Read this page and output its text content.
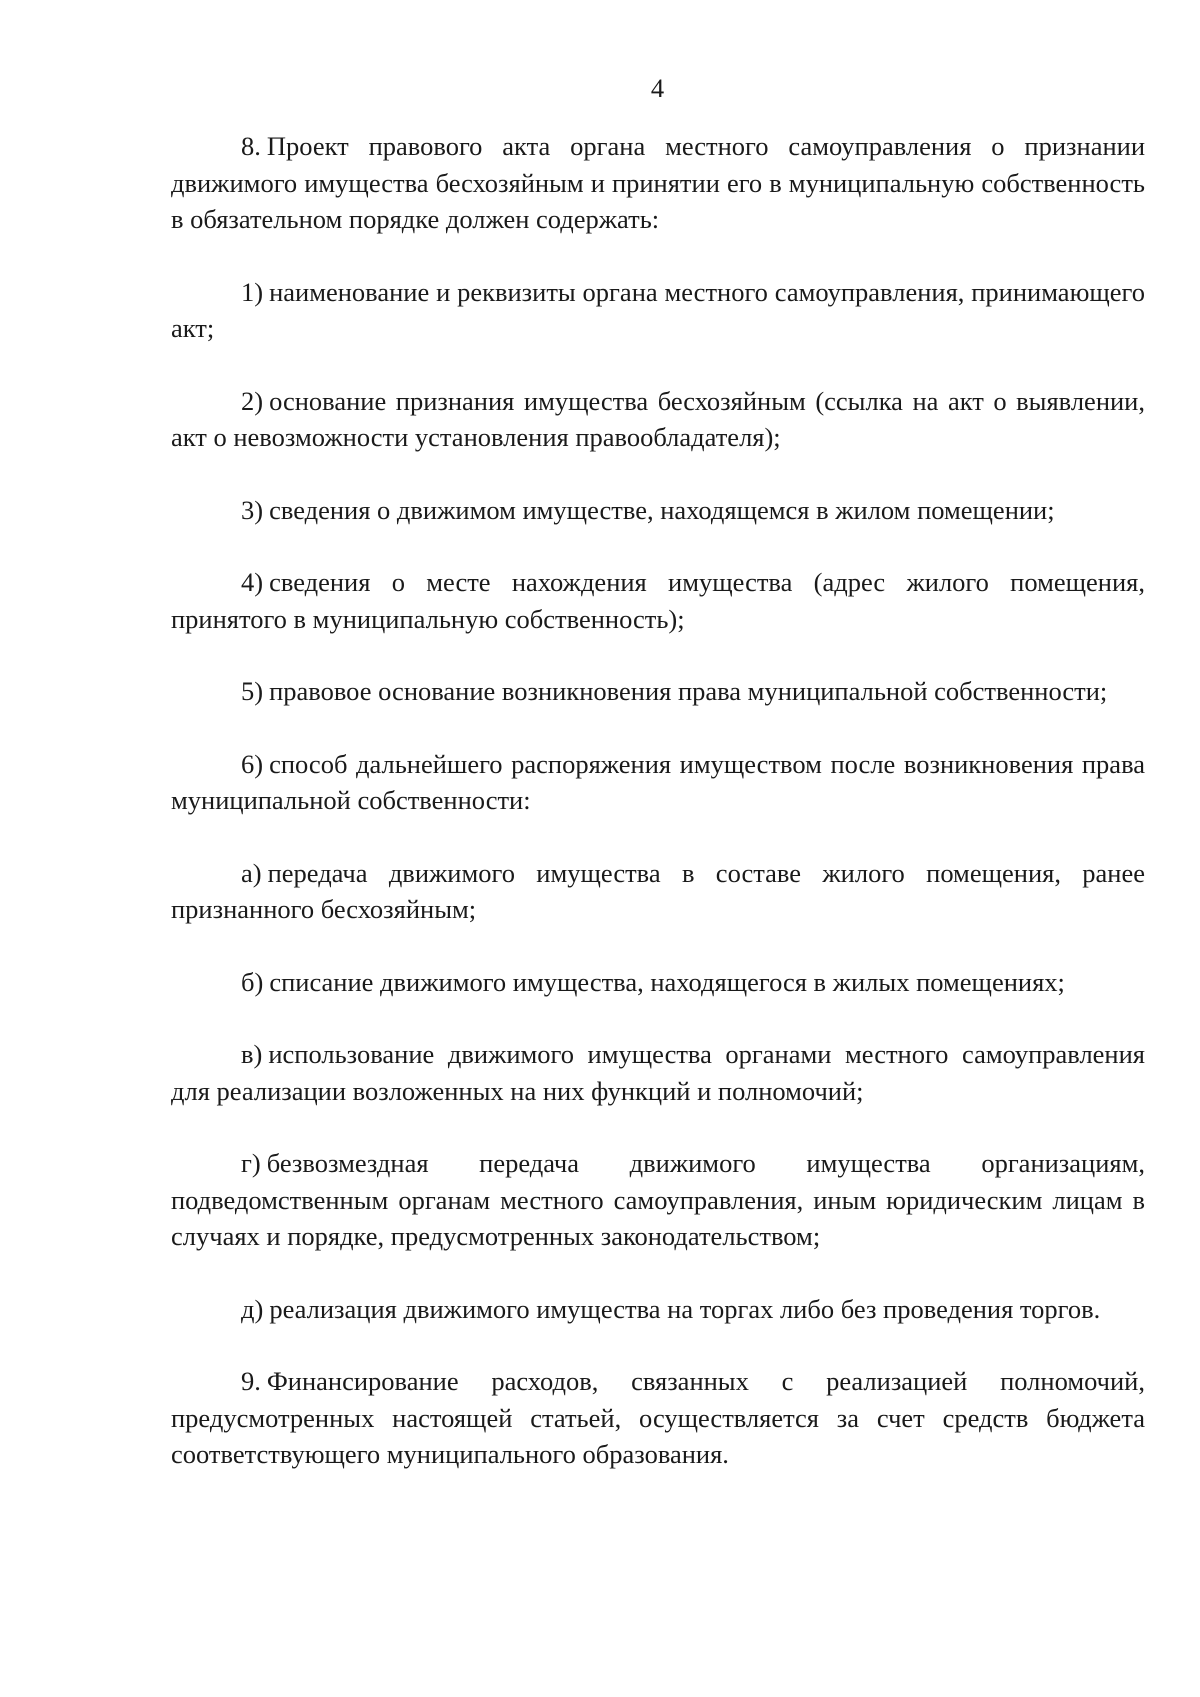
4

8. Проект правового акта органа местного самоуправления о признании движимого имущества бесхозяйным и принятии его в муниципальную собственность в обязательном порядке должен содержать:

1) наименование и реквизиты органа местного самоуправления, принимающего акт;

2) основание признания имущества бесхозяйным (ссылка на акт о выявлении, акт о невозможности установления правообладателя);

3) сведения о движимом имуществе, находящемся в жилом помещении;

4) сведения о месте нахождения имущества (адрес жилого помещения, принятого в муниципальную собственность);

5) правовое основание возникновения права муниципальной собственности;

6) способ дальнейшего распоряжения имуществом после возникновения права муниципальной собственности:

а) передача движимого имущества в составе жилого помещения, ранее признанного бесхозяйным;

б) списание движимого имущества, находящегося в жилых помещениях;

в) использование движимого имущества органами местного самоуправления для реализации возложенных на них функций и полномочий;

г) безвозмездная передача движимого имущества организациям, подведомственным органам местного самоуправления, иным юридическим лицам в случаях и порядке, предусмотренных законодательством;

д) реализация движимого имущества на торгах либо без проведения торгов.

9. Финансирование расходов, связанных с реализацией полномочий, предусмотренных настоящей статьей, осуществляется за счет средств бюджета соответствующего муниципального образования.
